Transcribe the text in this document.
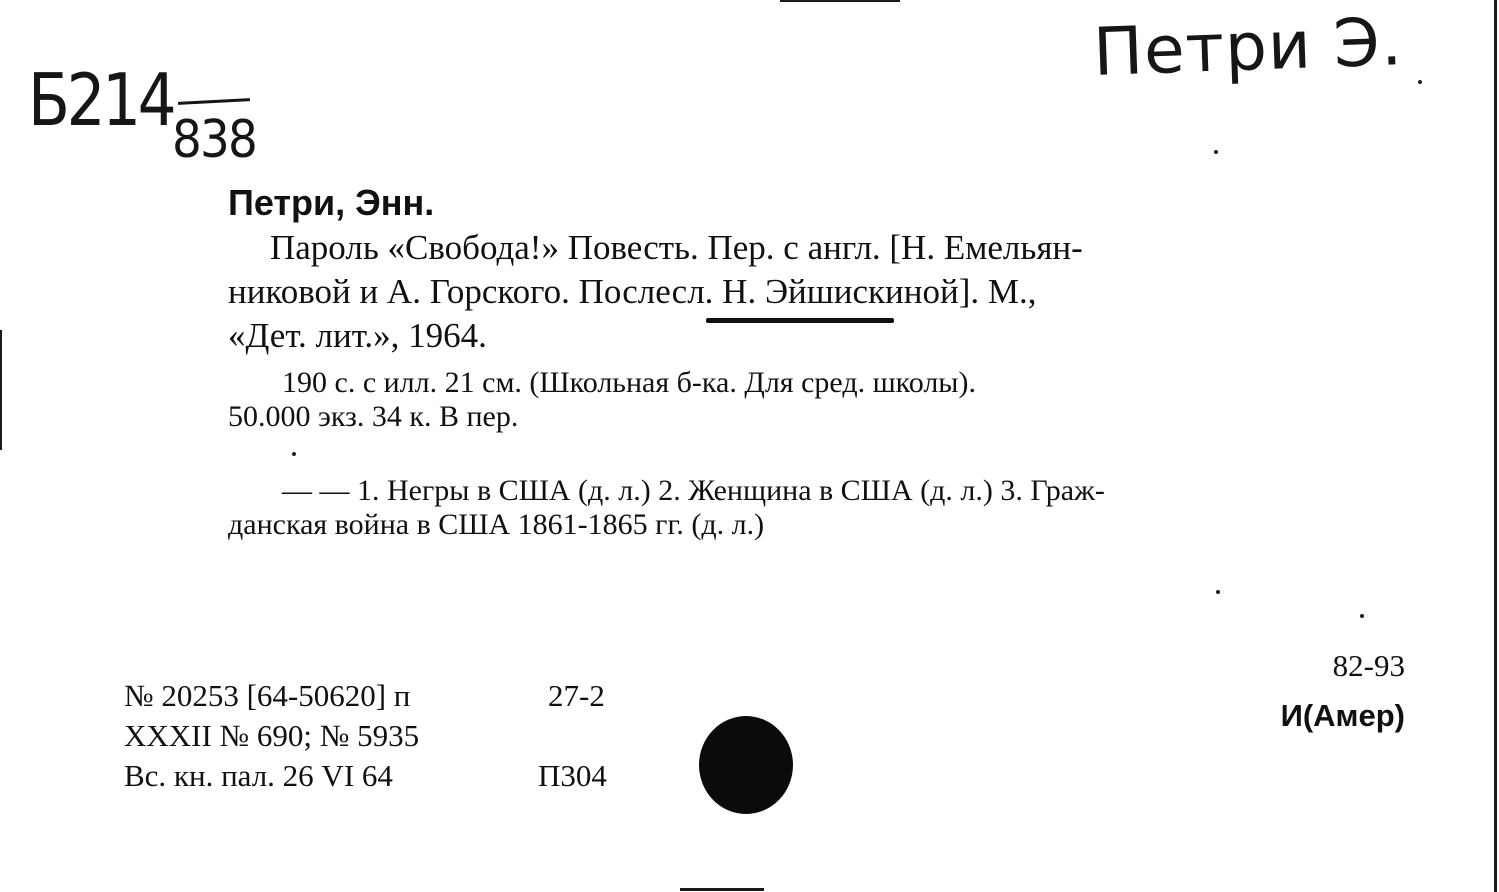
Б214
838
Петри Э.
Петри, Энн.
Пароль «Свобода!» Повесть. Пер. с англ. [Н. Емельян-
никовой и А. Горского. Послесл. Н. Эйшискиной]. М.,
«Дет. лит.», 1964.
190 с. с илл. 21 см. (Школьная б-ка. Для сред. школы).
50.000 экз. 34 к. В пер.
— — 1. Негры в США (д. л.) 2. Женщина в США (д. л.) 3. Граж-
данская война в США 1861-1865 гг. (д. л.)
№ 20253 [64-50620] п
XXXII № 690; № 5935
Вс. кн. пал. 26 VI 64
27-2
П304
82-93
И(Амер)
